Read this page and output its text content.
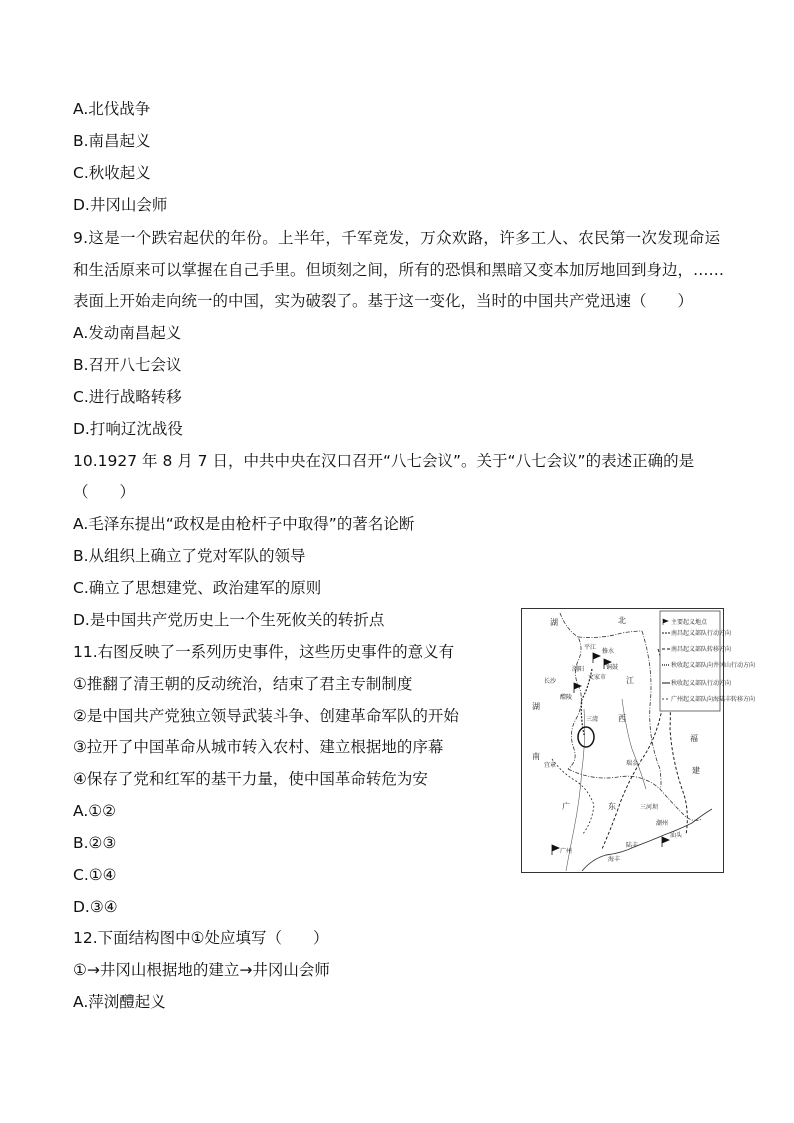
A.北伐战争
B.南昌起义
C.秋收起义
D.井冈山会师
9.这是一个跌宕起伏的年份。上半年，千军竞发，万众欢路，许多工人、农民第一次发现命运
和生活原来可以掌握在自己手里。但顷刻之间，所有的恐惧和黑暗又变本加厉地回到身边，……
表面上开始走向统一的中国，实为破裂了。基于这一变化，当时的中国共产党迅速（　　）
A.发动南昌起义
B.召开八七会议
C.进行战略转移
D.打响辽沈战役
10.1927 年 8 月 7 日，中共中央在汉口召开“八七会议”。关于“八七会议”的表述正确的是
（　　）
A.毛泽东提出“政权是由枪杆子中取得”的著名论断
B.从组织上确立了党对军队的领导
C.确立了思想建党、政治建军的原则
D.是中国共产党历史上一个生死攸关的转折点
11.右图反映了一系列历史事件，这些历史事件的意义有
①推翻了清王朝的反动统治，结束了君主专制制度
②是中国共产党独立领导武装斗争、创建革命军队的开始
③拉开了中国革命从城市转入农村、建立根据地的序幕
④保存了党和红军的基干力量，使中国革命转危为安
A.①②
B.②③
C.①④
D.③④
12.下面结构图中①处应填写（　　）
①→井冈山根据地的建立→井冈山会师
A.萍浏醴起义
湖	北
江
湖
南
西
福
建
广	东
平江
修水
铜鼓
浏阳
文家市
长沙
醴陵
三湾
宜章	瑞金
三河坝
潮州
汕头
陆丰
海丰
广州
主要起义地点
南昌起义部队行动方向
南昌起义部队转移方向
秋收起义部队向井冈山行动方向
秋收起义部队行动方向
广州起义部队向海陆丰转移方向
